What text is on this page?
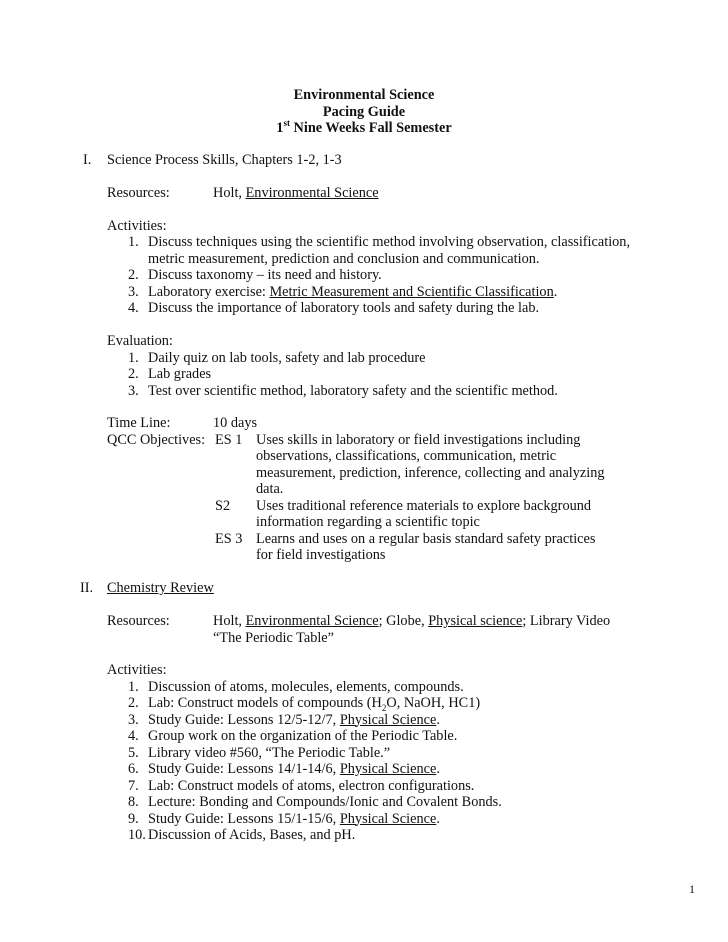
Environmental Science
Pacing Guide
1st Nine Weeks Fall Semester
I. Science Process Skills, Chapters 1-2, 1-3
Resources:	Holt, Environmental Science
Activities:
1. Discuss techniques using the scientific method involving observation, classification,
metric measurement, prediction and conclusion and communication.
2. Discuss taxonomy – its need and history.
3. Laboratory exercise: Metric Measurement and Scientific Classification.
4. Discuss the importance of laboratory tools and safety during the lab.
Evaluation:
1. Daily quiz on lab tools, safety and lab procedure
2. Lab grades
3. Test over scientific method, laboratory safety and the scientific method.
Time Line:	10 days
QCC Objectives: ES 1 Uses skills in laboratory or field investigations including
observations, classifications, communication, metric
measurement, prediction, inference, collecting and analyzing
data.
S2 Uses traditional reference materials to explore background
information regarding a scientific topic
ES 3 Learns and uses on a regular basis standard safety practices
for field investigations
II. Chemistry Review
Resources:	Holt, Environmental Science; Globe, Physical science; Library Video
“The Periodic Table”
Activities:
1. Discussion of atoms, molecules, elements, compounds.
2. Lab: Construct models of compounds ($H_2O$, NaOH, HC1)
3. Study Guide: Lessons 12/5-12/7, Physical Science.
4. Group work on the organization of the Periodic Table.
5. Library video #560, “The Periodic Table.”
6. Study Guide: Lessons 14/1-14/6, Physical Science.
7. Lab: Construct models of atoms, electron configurations.
8. Lecture: Bonding and Compounds/Ionic and Covalent Bonds.
9. Study Guide: Lessons 15/1-15/6, Physical Science.
10. Discussion of Acids, Bases, and pH.
1
